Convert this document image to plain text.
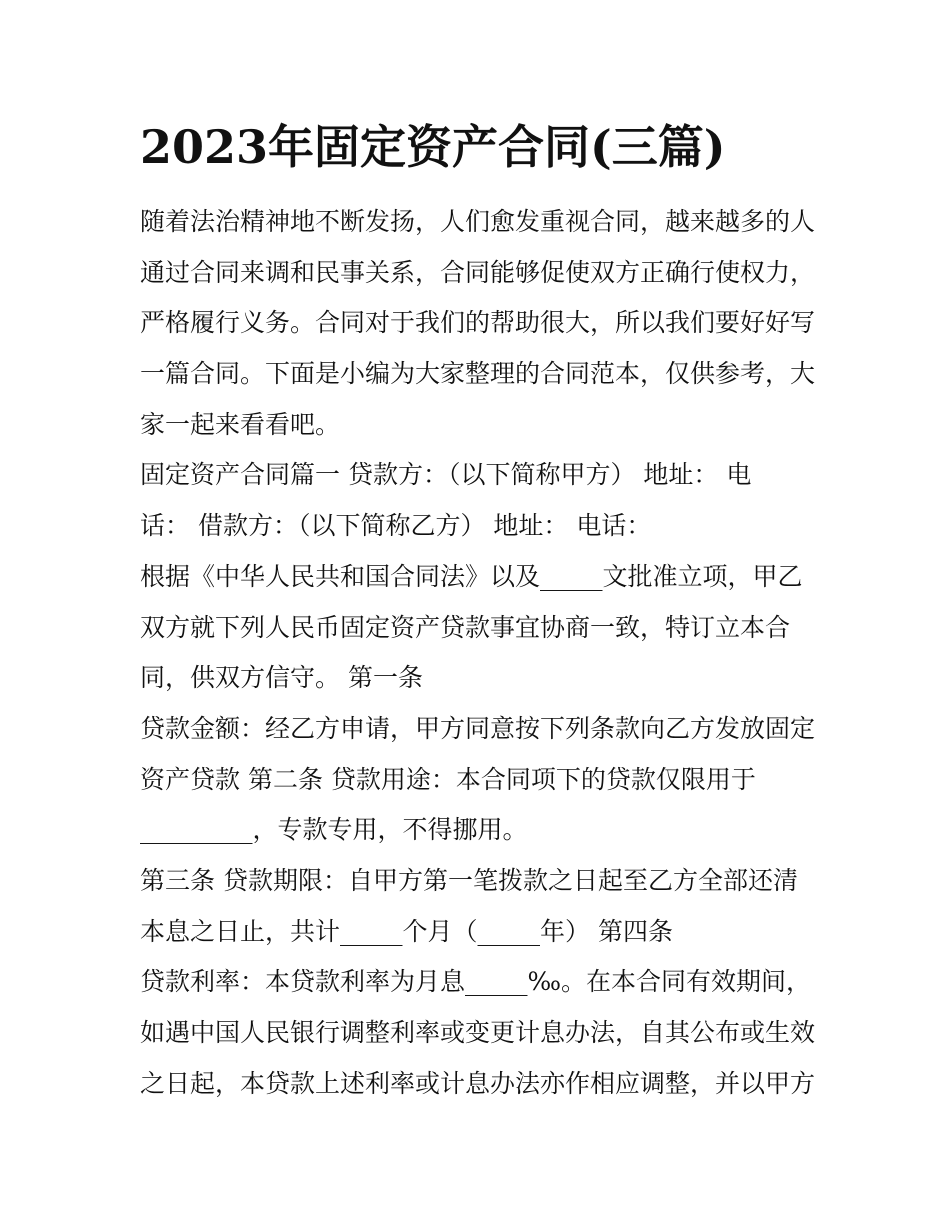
2023年固定资产合同(三篇)
随着法治精神地不断发扬，人们愈发重视合同，越来越多的人
通过合同来调和民事关系，合同能够促使双方正确行使权力，
严格履行义务。合同对于我们的帮助很大，所以我们要好好写
一篇合同。下面是小编为大家整理的合同范本，仅供参考，大
家一起来看看吧。
固定资产合同篇一 贷款方：（以下简称甲方） 地址： 电
话： 借款方：（以下简称乙方） 地址： 电话：
根据《中华人民共和国合同法》以及_____文批准立项，甲乙
双方就下列人民币固定资产贷款事宜协商一致，特订立本合
同，供双方信守。 第一条
贷款金额：经乙方申请，甲方同意按下列条款向乙方发放固定
资产贷款 第二条 贷款用途：本合同项下的贷款仅限用于
_________，专款专用，不得挪用。
第三条 贷款期限：自甲方第一笔拨款之日起至乙方全部还清
本息之日止，共计_____个月（_____年） 第四条
贷款利率：本贷款利率为月息_____‰。在本合同有效期间，
如遇中国人民银行调整利率或变更计息办法，自其公布或生效
之日起，本贷款上述利率或计息办法亦作相应调整，并以甲方
